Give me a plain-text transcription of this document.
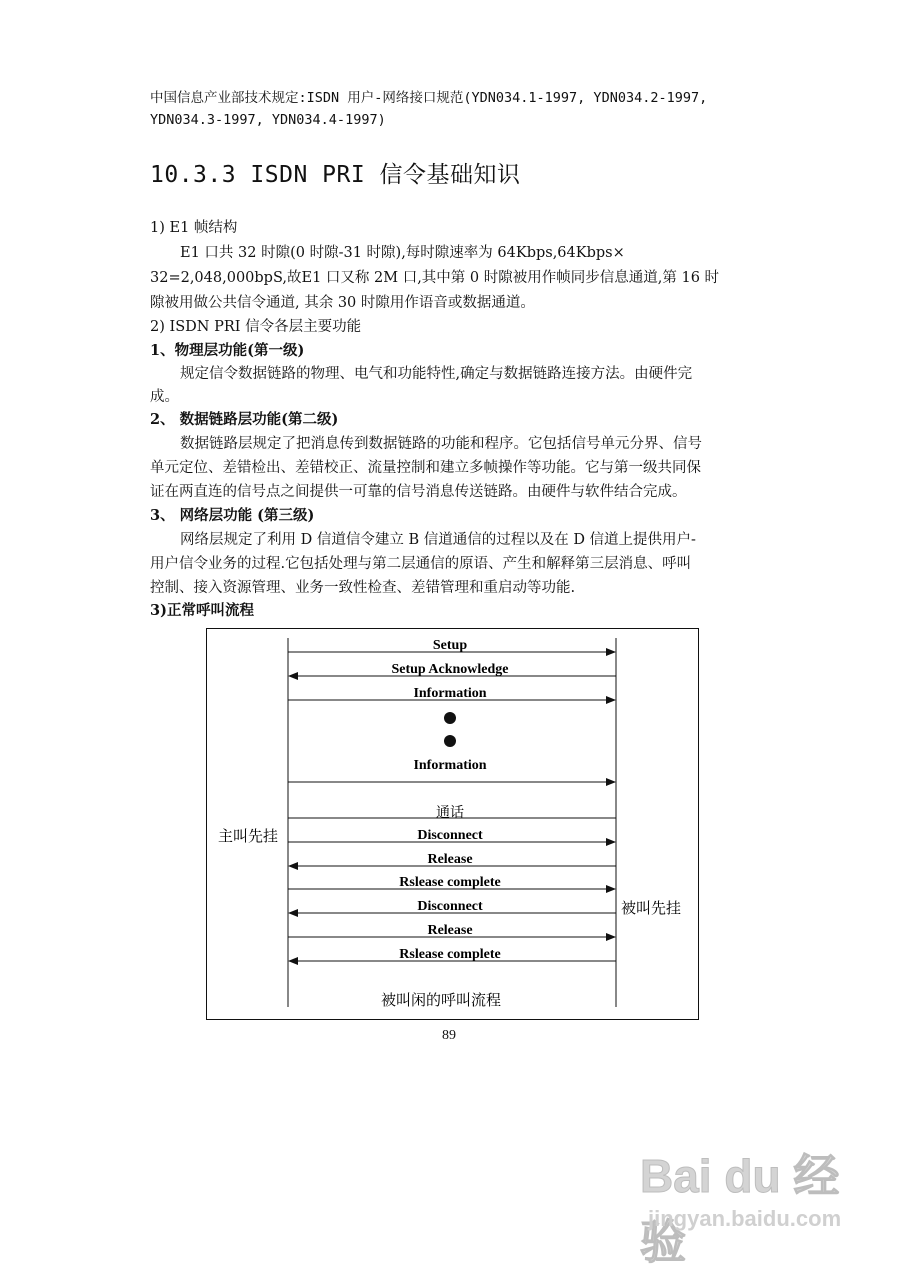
中国信息产业部技术规定:ISDN 用户-网络接口规范(YDN034.1-1997, YDN034.2-1997,
YDN034.3-1997, YDN034.4-1997)
10.3.3 ISDN PRI 信令基础知识
1) E1 帧结构
E1 口共 32 时隙(0 时隙-31 时隙),每时隙速率为 64Kbps,64Kbps×
32=2,048,000bpS,故E1 口又称 2M 口,其中第 0 时隙被用作帧同步信息通道,第 16 时
隙被用做公共信令通道, 其余 30 时隙用作语音或数据通道。
2) ISDN PRI 信令各层主要功能
1、物理层功能(第一级)
规定信令数据链路的物理、电气和功能特性,确定与数据链路连接方法。由硬件完
成。
2、 数据链路层功能(第二级)
数据链路层规定了把消息传到数据链路的功能和程序。它包括信号单元分界、信号
单元定位、差错检出、差错校正、流量控制和建立多帧操作等功能。它与第一级共同保
证在两直连的信号点之间提供一可靠的信号消息传送链路。由硬件与软件结合完成。
3、 网络层功能 (第三级)
网络层规定了利用 D 信道信令建立 B 信道通信的过程以及在 D 信道上提供用户-
用户信令业务的过程.它包括处理与第二层通信的原语、产生和解释第三层消息、呼叫
控制、接入资源管理、业务一致性检查、差错管理和重启动等功能.
3)正常呼叫流程
Setup
Setup Acknowledge
Information
Information
通话
Disconnect
Release
Rslease complete
Disconnect
Release
Rslease complete
主叫先挂
被叫先挂
被叫闲的呼叫流程
89
Bai du 经验
jingyan.baidu.com
